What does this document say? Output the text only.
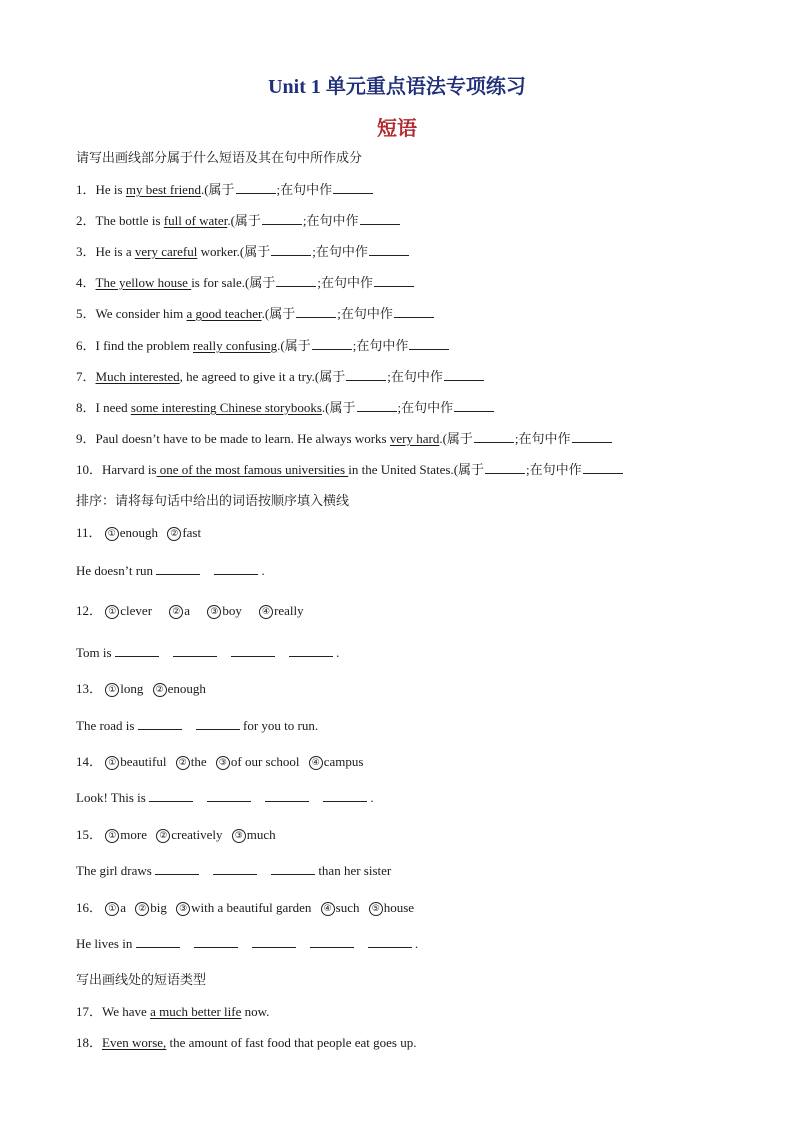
Unit 1 单元重点语法专项练习
短语
请写出画线部分属于什么短语及其在句中所作成分
1．He is my best friend.(属于	;在句中作
2．The bottle is full of water.(属于	;在句中作
3．He is a very careful worker.(属于	;在句中作
4．The yellow house is for sale.(属于	;在句中作
5．We consider him a good teacher.(属于	;在句中作
6．I find the problem really confusing.(属于	;在句中作
7．Much interested, he agreed to give it a try.(属于	;在句中作
8．I need some interesting Chinese storybooks.(属于	;在句中作
9．Paul doesn’t have to be made to learn. He always works very hard.(属于	;在句中作
10．Harvard is one of the most famous universities in the United States.(属于	;在句中作
排序：请将每句话中给出的词语按顺序填入横线
11． ① enough ② fast
He doesn’t run	.
12． ① clever ② a ③ boy ④ really
Tom is	.
13． ① long ② enough
The road is	for you to run.
14． ① beautiful ② the ③ of our school ④ campus
Look! This is	.
15． ① more ② creatively ③ much
The girl draws	than her sister
16． ① a ② big ③ with a beautiful garden ④ such ⑤ house
He lives in	.
写出画线处的短语类型
17．We have a much better life now.
18．Even worse, the amount of fast food that people eat goes up.
